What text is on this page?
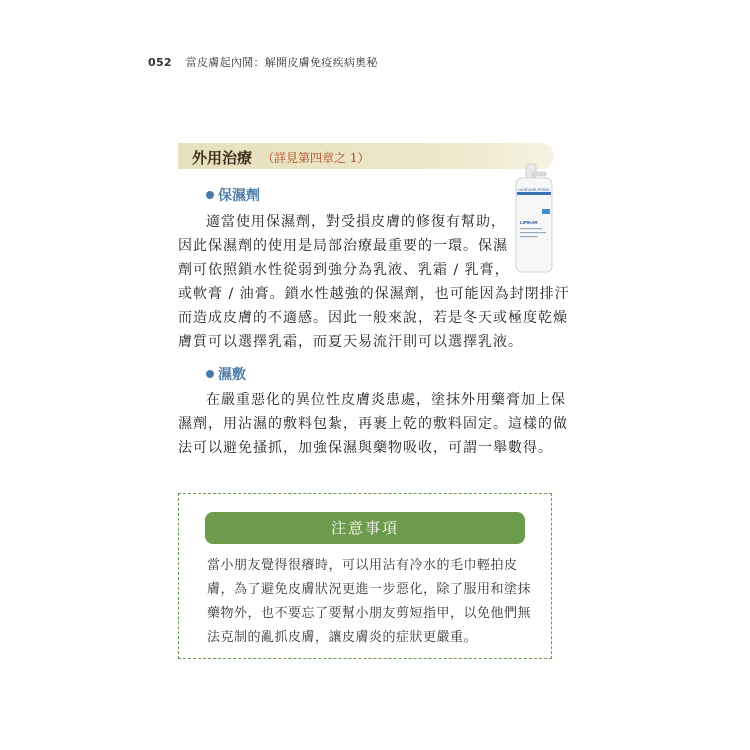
052 當皮膚起內鬨：解開皮膚免疫疾病奧秘
外用治療 （詳見第四章之 1）
LA ROCHE-POSAY
LIPIKAR
保濕劑
適當使用保濕劑，對受損皮膚的修復有幫助，
因此保濕劑的使用是局部治療最重要的一環。保濕
劑可依照鎖水性從弱到強分為乳液、乳霜 / 乳膏，
或軟膏 / 油膏。鎖水性越強的保濕劑，也可能因為封閉排汗
而造成皮膚的不適感。因此一般來說，若是冬天或極度乾燥
膚質可以選擇乳霜，而夏天易流汗則可以選擇乳液。
濕敷
在嚴重惡化的異位性皮膚炎患處，塗抹外用藥膏加上保
濕劑，用沾濕的敷料包紮，再裹上乾的敷料固定。這樣的做
法可以避免搔抓，加強保濕與藥物吸收，可謂一舉數得。
注意事項
當小朋友覺得很癢時，可以用沾有冷水的毛巾輕拍皮
膚，為了避免皮膚狀況更進一步惡化，除了服用和塗抹
藥物外，也不要忘了要幫小朋友剪短指甲，以免他們無
法克制的亂抓皮膚，讓皮膚炎的症狀更嚴重。
